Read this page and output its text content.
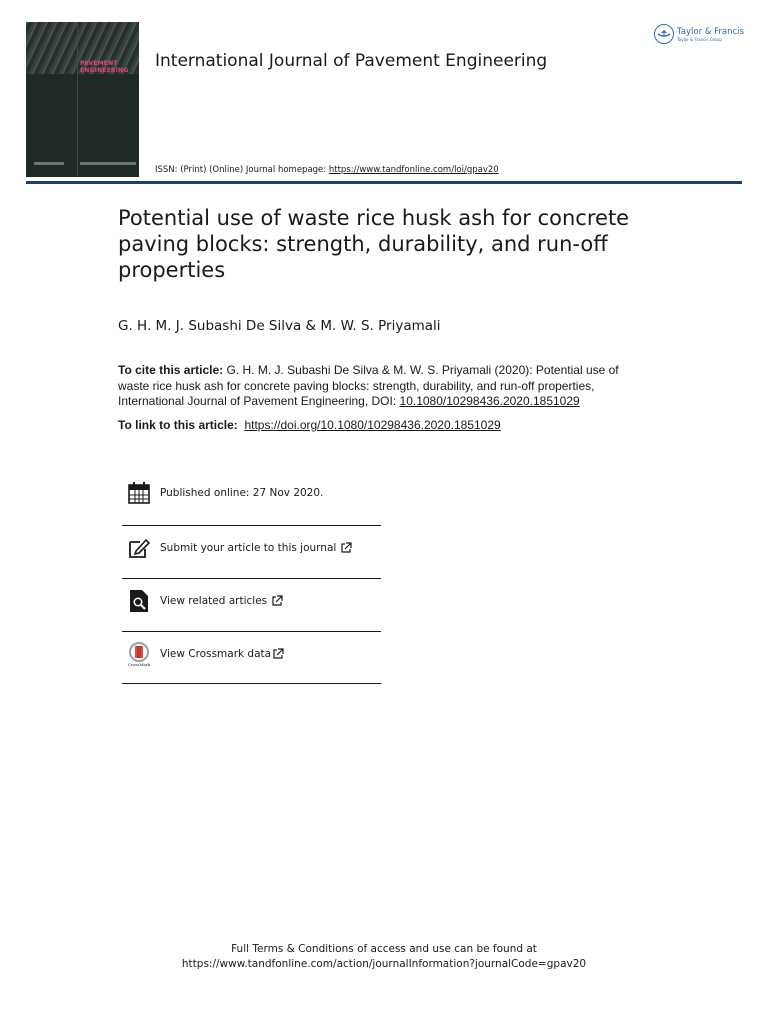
PAVEMENT
ENGINEERING	International Journal of Pavement Engineering
ISSN: (Print) (Online) Journal homepage: https://www.tandfonline.com/loi/gpav20
Taylor & Francis
Taylor & Francis Group
Potential use of waste rice husk ash for concrete paving blocks: strength, durability, and run-off properties
G. H. M. J. Subashi De Silva & M. W. S. Priyamali
To cite this article: G. H. M. J. Subashi De Silva & M. W. S. Priyamali (2020): Potential use of waste rice husk ash for concrete paving blocks: strength, durability, and run-off properties, International Journal of Pavement Engineering, DOI: 10.1080/10298436.2020.1851029
To link to this article: https://doi.org/10.1080/10298436.2020.1851029
Published online: 27 Nov 2020.
Submit your article to this journal
View related articles
CrossMark
View Crossmark data
Full Terms & Conditions of access and use can be found at
https://www.tandfonline.com/action/journalInformation?journalCode=gpav20
